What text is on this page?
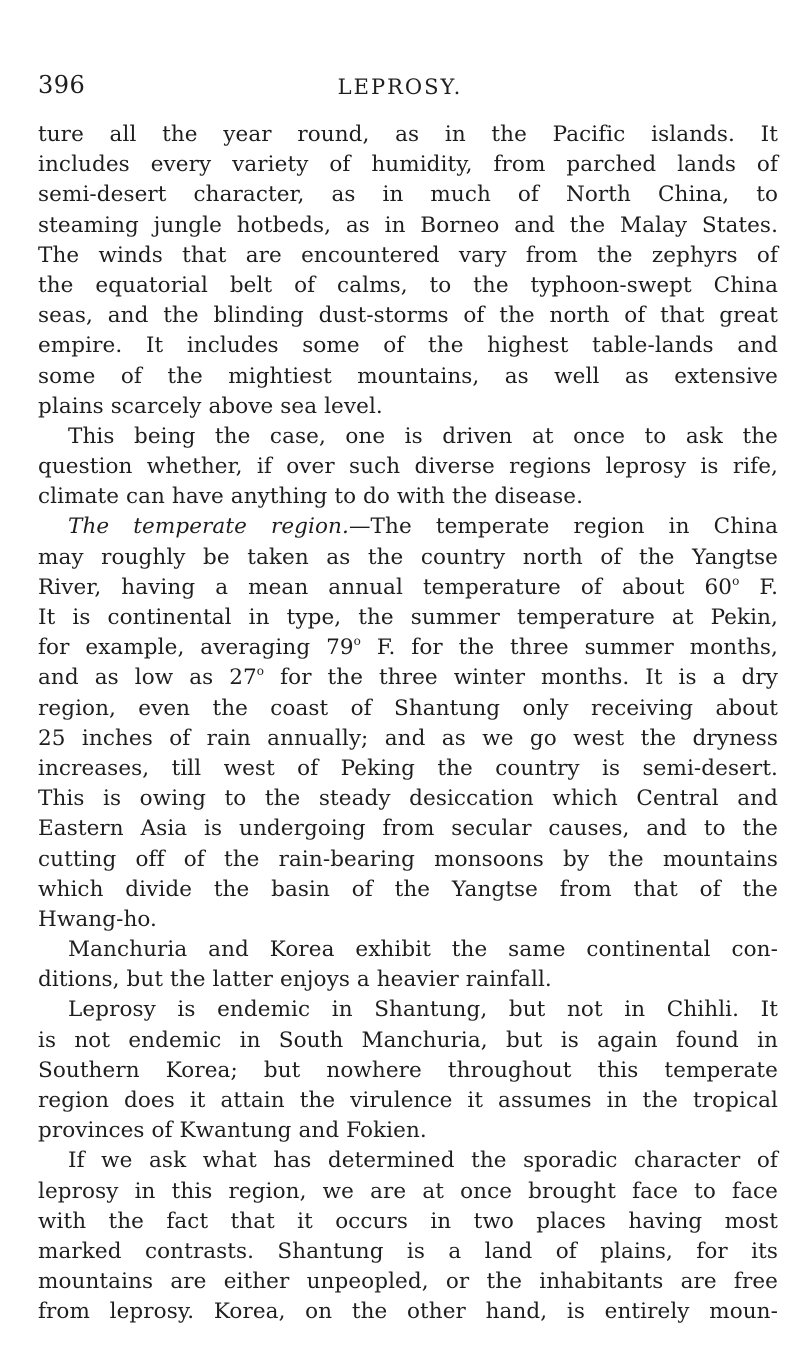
396	LEPROSY.
ture all the year round, as in the Pacific islands. It
includes every variety of humidity, from parched lands of
semi-desert character, as in much of North China, to
steaming jungle hotbeds, as in Borneo and the Malay States.
The winds that are encountered vary from the zephyrs of
the equatorial belt of calms, to the typhoon-swept China
seas, and the blinding dust-storms of the north of that great
empire. It includes some of the highest table-lands and
some of the mightiest mountains, as well as extensive
plains scarcely above sea level.
This being the case, one is driven at once to ask the
question whether, if over such diverse regions leprosy is rife,
climate can have anything to do with the disease.
The temperate region.—The temperate region in China
may roughly be taken as the country north of the Yangtse
River, having a mean annual temperature of about 60$^o$ F.
It is continental in type, the summer temperature at Pekin,
for example, averaging 79$^o$ F. for the three summer months,
and as low as 27$^o$ for the three winter months. It is a dry
region, even the coast of Shantung only receiving about
25 inches of rain annually; and as we go west the dryness
increases, till west of Peking the country is semi-desert.
This is owing to the steady desiccation which Central and
Eastern Asia is undergoing from secular causes, and to the
cutting off of the rain-bearing monsoons by the mountains
which divide the basin of the Yangtse from that of the
Hwang-ho.
Manchuria and Korea exhibit the same continental con-
ditions, but the latter enjoys a heavier rainfall.
Leprosy is endemic in Shantung, but not in Chihli. It
is not endemic in South Manchuria, but is again found in
Southern Korea; but nowhere throughout this temperate
region does it attain the virulence it assumes in the tropical
provinces of Kwantung and Fokien.
If we ask what has determined the sporadic character of
leprosy in this region, we are at once brought face to face
with the fact that it occurs in two places having most
marked contrasts. Shantung is a land of plains, for its
mountains are either unpeopled, or the inhabitants are free
from leprosy. Korea, on the other hand, is entirely moun-
